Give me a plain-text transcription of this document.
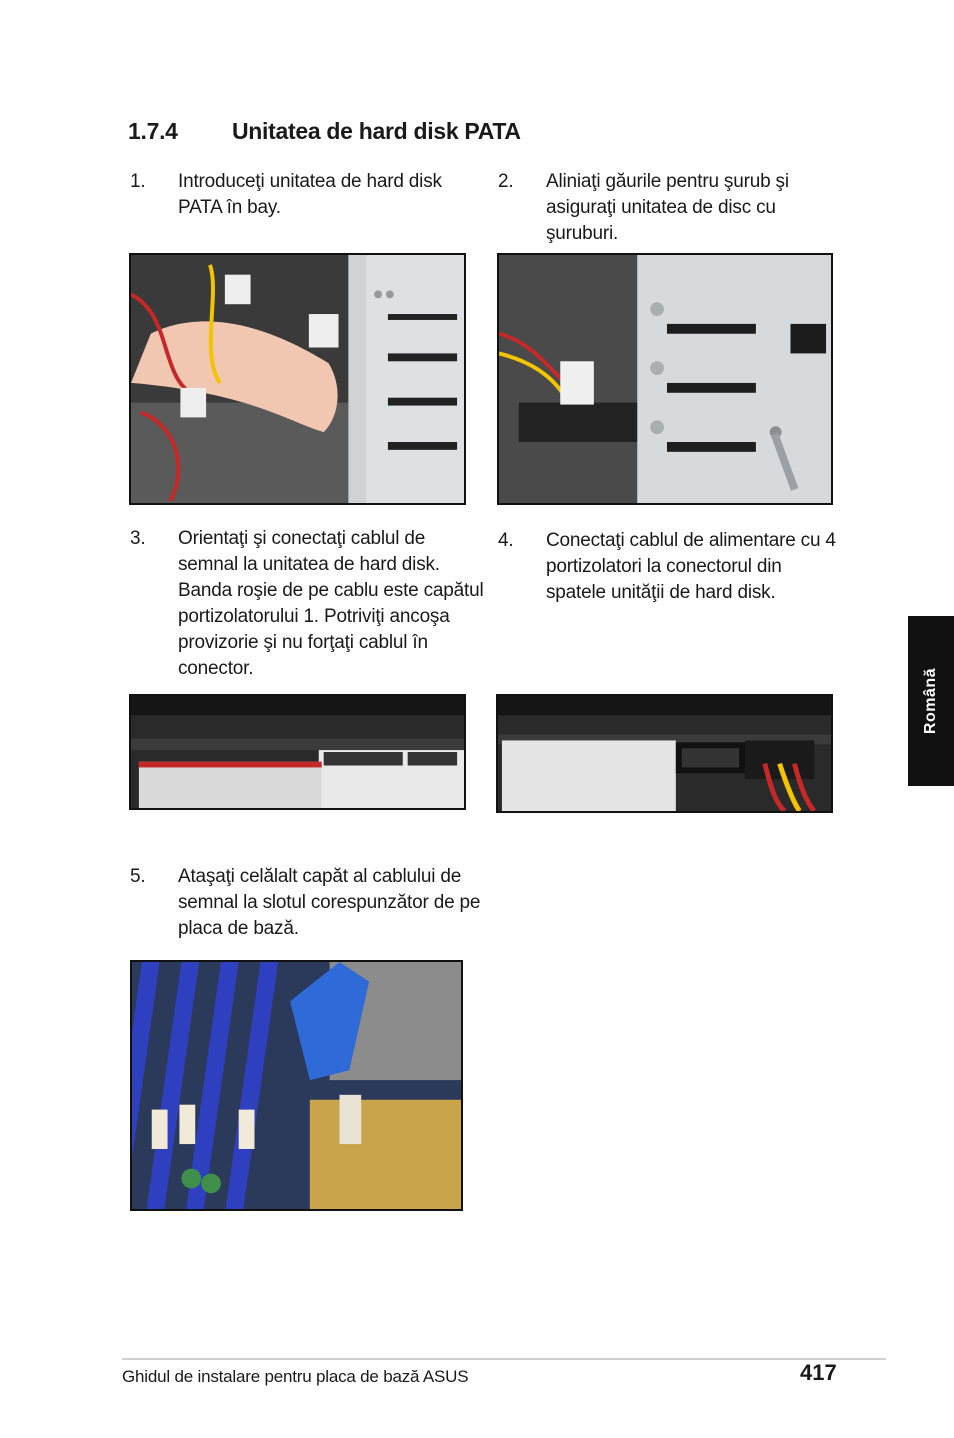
1.7.4 Unitatea de hard disk PATA
1. Introduceţi unitatea de hard disk PATA în bay.
2. Aliniaţi găurile pentru şurub şi asiguraţi unitatea de disc cu şuruburi.
3. Orientaţi şi conectaţi cablul de semnal la unitatea de hard disk. Banda roşie de pe cablu este capătul portizolatorului 1. Potriviţi ancoşa provizorie şi nu forţaţi cablul în conector.
4. Conectaţi cablul de alimentare cu 4 portizolatori la conectorul din spatele unităţii de hard disk.
5. Ataşaţi celălalt capăt al cablului de semnal la slotul corespunzător de pe placa de bază.
Română
Ghidul de instalare pentru placa de bază ASUS	417
